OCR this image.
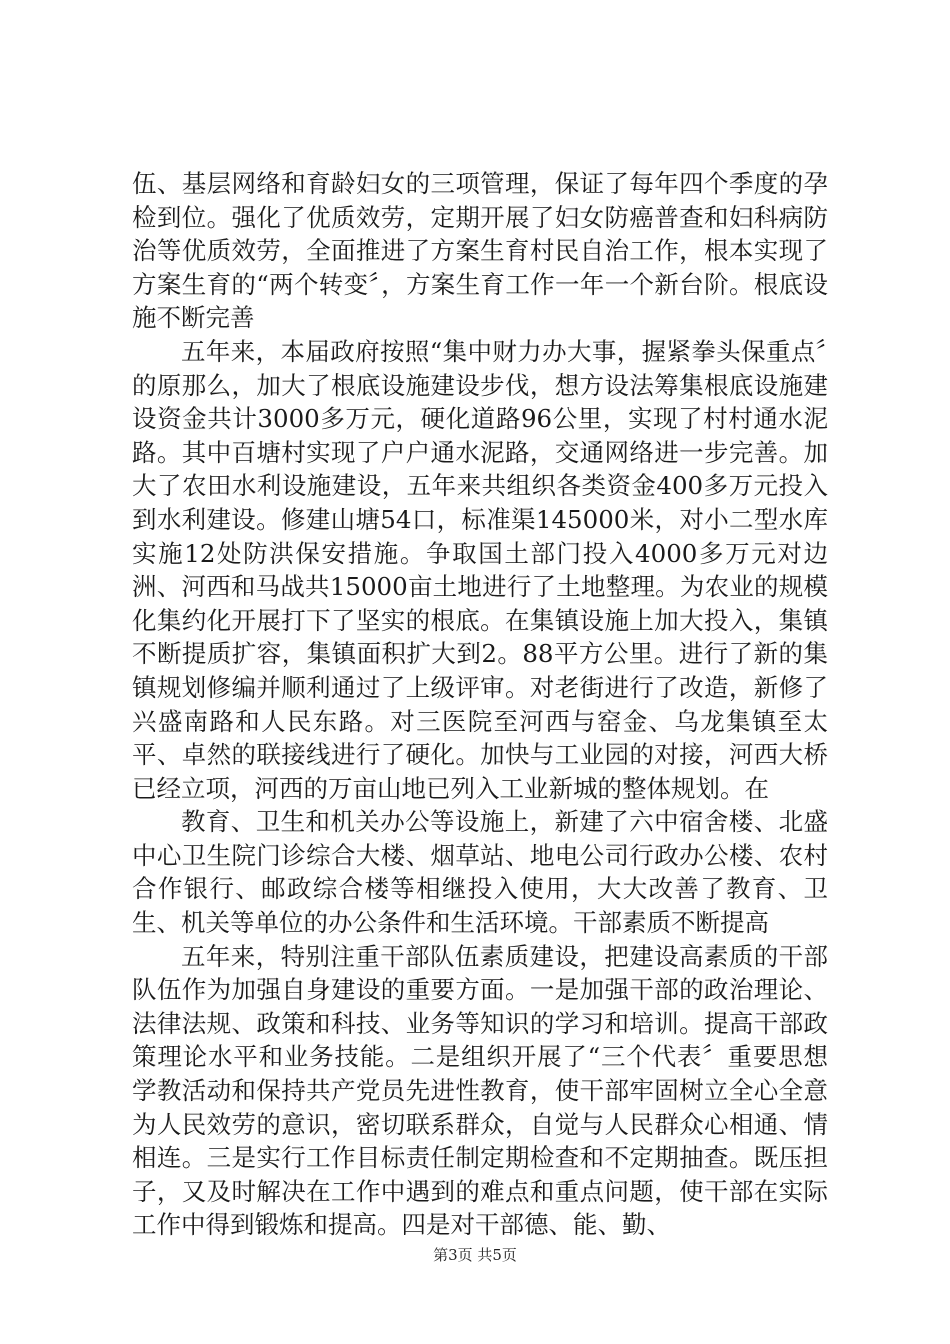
伍、基层网络和育龄妇女的三项管理，保证了每年四个季度的孕检到位。强化了优质效劳，定期开展了妇女防癌普查和妇科病防治等优质效劳，全面推进了方案生育村民自治工作，根本实现了方案生育的“两个转变〞，方案生育工作一年一个新台阶。根底设施不断完善

五年来，本届政府按照“集中财力办大事，握紧拳头保重点〞的原那么，加大了根底设施建设步伐，想方设法筹集根底设施建设资金共计3000多万元，硬化道路96公里，实现了村村通水泥路。其中百塘村实现了户户通水泥路，交通网络进一步完善。加大了农田水利设施建设，五年来共组织各类资金400多万元投入到水利建设。修建山塘54口，标准渠145000米，对小二型水库实施12处防洪保安措施。争取国土部门投入4000多万元对边洲、河西和马战共15000亩土地进行了土地整理。为农业的规模化集约化开展打下了坚实的根底。在集镇设施上加大投入，集镇不断提质扩容，集镇面积扩大到2。88平方公里。进行了新的集镇规划修编并顺利通过了上级评审。对老街进行了改造，新修了兴盛南路和人民东路。对三医院至河西与窑金、乌龙集镇至太平、卓然的联接线进行了硬化。加快与工业园的对接，河西大桥已经立项，河西的万亩山地已列入工业新城的整体规划。在

教育、卫生和机关办公等设施上，新建了六中宿舍楼、北盛中心卫生院门诊综合大楼、烟草站、地电公司行政办公楼、农村合作银行、邮政综合楼等相继投入使用，大大改善了教育、卫生、机关等单位的办公条件和生活环境。干部素质不断提高

五年来，特别注重干部队伍素质建设，把建设高素质的干部队伍作为加强自身建设的重要方面。一是加强干部的政治理论、法律法规、政策和科技、业务等知识的学习和培训。提高干部政策理论水平和业务技能。二是组织开展了“三个代表〞重要思想学教活动和保持共产党员先进性教育，使干部牢固树立全心全意为人民效劳的意识，密切联系群众，自觉与人民群众心相通、情相连。三是实行工作目标责任制定期检查和不定期抽查。既压担子，又及时解决在工作中遇到的难点和重点问题，使干部在实际工作中得到锻炼和提高。四是对干部德、能、勤、

第3页 共5页
